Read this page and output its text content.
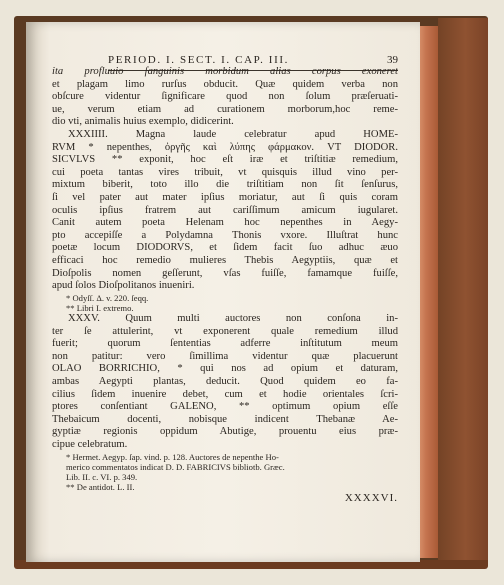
PERIOD. I. SECT. I. CAP. III.	39
ita profluuio ſanguinis morbidum alias corpus exoneret
et plagam limo rurſus obducit. Quæ quidem verba non
obſcure videntur ſignificare quod non ſolum præſeruati-
ue, verum etiam ad curationem morborum,hoc reme-
dio vti, animalis huius exemplo, didicerint.
XXXIIII. Magna laude celebratur apud HOME-
RVM * nepenthes, ὀργῆς καὶ λύπης φάρμακον. VT DIODOR.
SICVLVS ** exponit, hoc eſt iræ et triſtitiæ remedium,
cui poeta tantas vires tribuit, vt quisquis illud vino per-
mixtum biberit, toto illo die triſtitiam non ſit ſenſurus,
ſi vel pater aut mater ipſius moriatur, aut ſi quis coram
oculis ipſius fratrem aut cariſſimum amicum iugularet.
Canit autem poeta Helenam hoc nepenthes in Aegy-
pto accepiſſe a Polydamna Thonis vxore. Illuſtrat hunc
poetæ locum DIODORVS, et ſidem facit ſuo adhuc æuo
efficaci hoc remedio mulieres Thebis Aegyptiis, quæ et
Dioſpolis nomen geſſerunt, vſas fuiſſe, famamque fuiſſe,
apud ſolos Dioſpolitanos inueniri.
* Odyſſ. Δ. v. 220. ſeqq.
** Libri I. extremo.
XXXV. Quum multi auctores non conſona in-
ter ſe attulerint, vt exponerent quale remedium illud
fuerit; quorum ſententias adferre inſtitutum meum
non patitur: vero ſimillima videntur quæ placuerunt
OLAO BORRICHIO, * qui nos ad opium et daturam,
ambas Aegypti plantas, deducit. Quod quidem eo fa-
cilius ſidem inuenire debet, cum et hodie orientales ſcri-
ptores conſentiant GALENO, ** optimum opium eſſe
Thebaicum docenti, nobisque indicent Thebanæ Ae-
gyptiæ regionis oppidum Abutige, prouentu eius præ-
cipue celebratum.
* Hermet. Aegyp. ſap. vind. p. 128. Auctores de nepenthe Ho-
merico commentatos indicat D. D. FABRICIVS bibliotb. Græc.
Lib. II. c. VI. p. 349.
** De antidot. L. II.
XXXXVI.
